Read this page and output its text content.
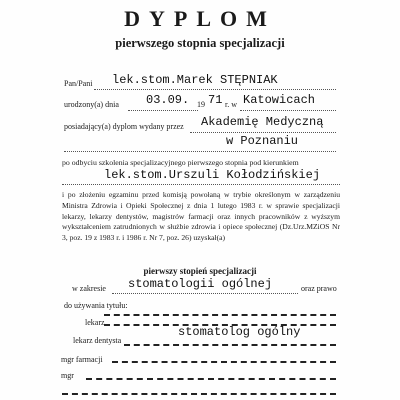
DYPLOM
pierwszego stopnia specjalizacji
Pan/Pani lek.stom.Marek STĘPNIAK
urodzony(a) dnia 03.09. 19 71 r. w Katowicach
posiadający(a) dyplom wydany przez Akademię Medyczną
w Poznaniu
po odbyciu szkolenia specjalizacyjnego pierwszego stopnia pod kierunkiem
lek.stom.Urszuli Kołodzińskiej
i po złożeniu egzaminu przed komisją powołaną w trybie określonym w zarządzeniu Ministra Zdrowia i Opieki Społecznej z dnia 1 lutego 1983 r. w sprawie specjalizacji lekarzy, lekarzy dentystów, magistrów farmacji oraz innych pracowników z wyższym wykształceniem zatrudnionych w służbie zdrowia i opiece społecznej (Dz.Urz.MZiOS Nr 3, poz. 19 z 1983 r. i 1986 r. Nr 7, poz. 26) uzyskał(a)
pierwszy stopień specjalizacji
w zakresie stomatologii ogólnej	oraz prawo
do używania tytułu:
lekarz
stomatolog ogólny
lekarz dentysta
mgr farmacji
mgr
